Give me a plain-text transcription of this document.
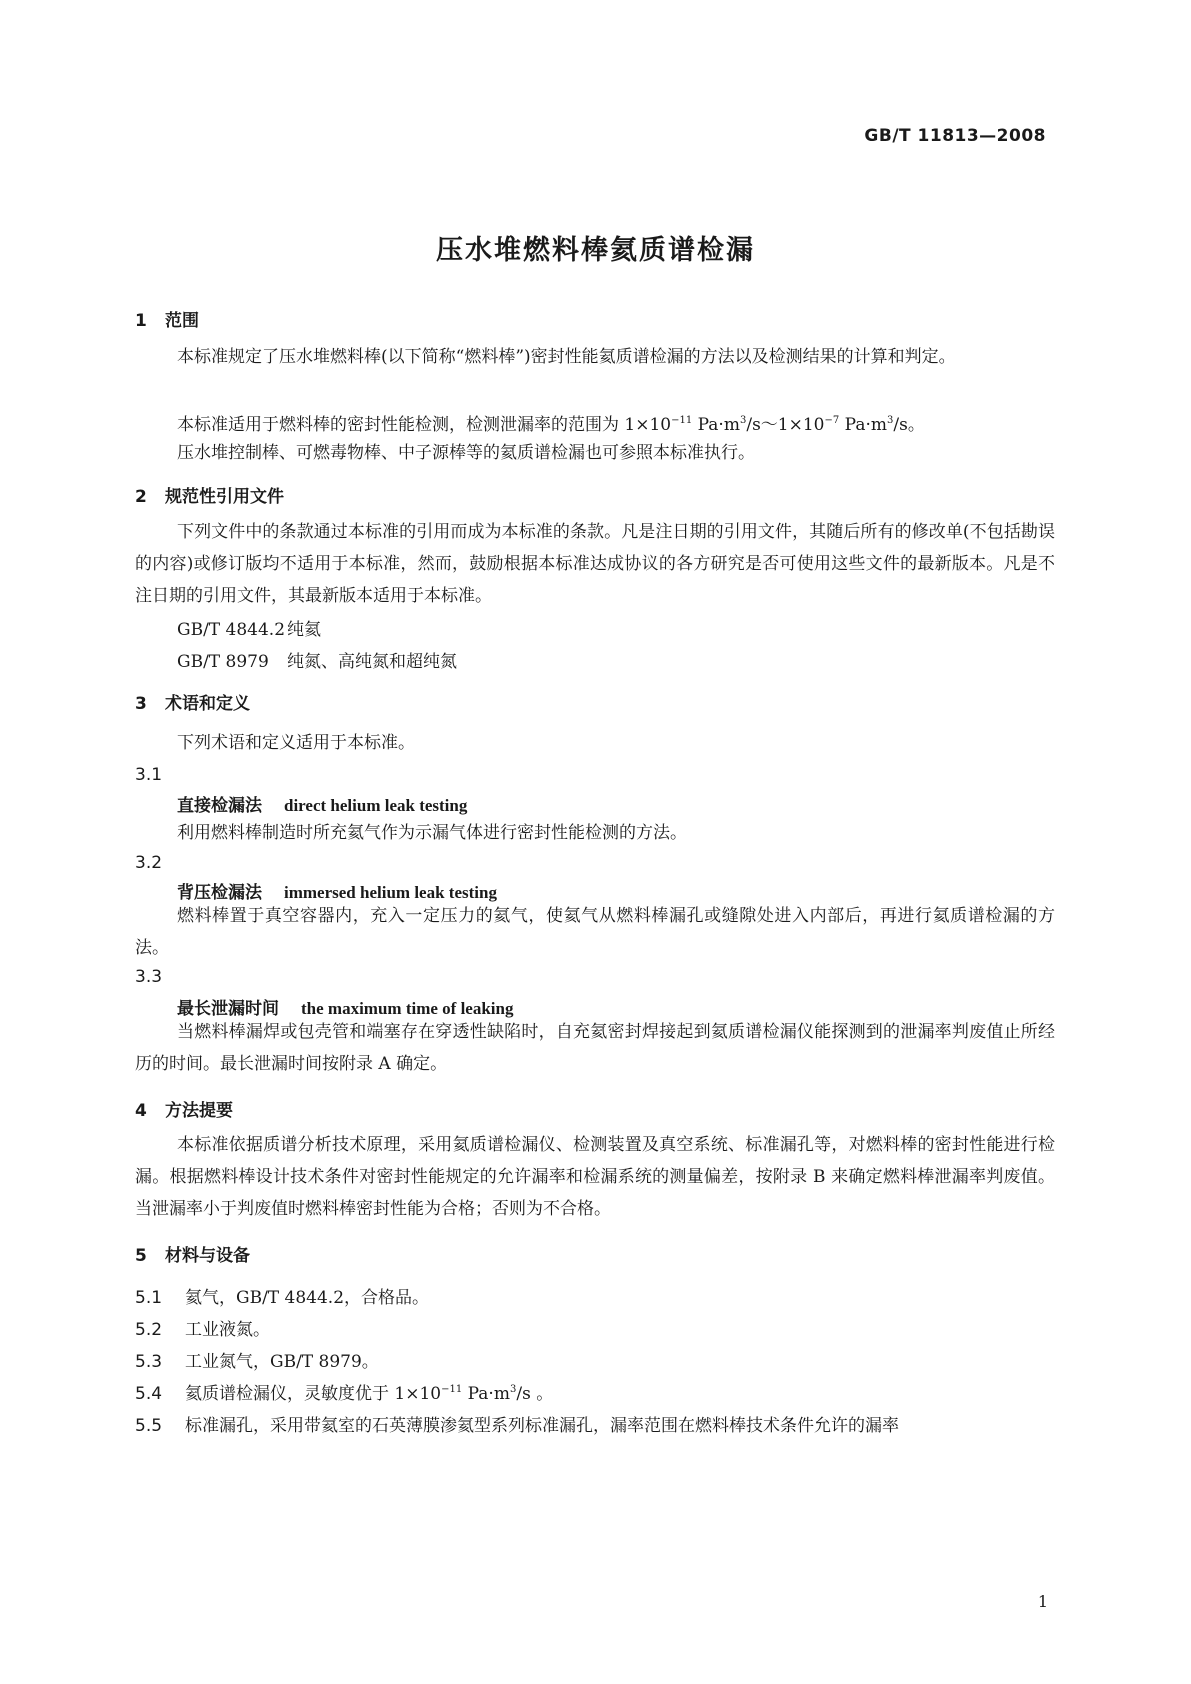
GB/T 11813—2008
压水堆燃料棒氦质谱检漏
1 范围
本标准规定了压水堆燃料棒(以下简称“燃料棒”)密封性能氦质谱检漏的方法以及检测结果的计算和判定。
本标准适用于燃料棒的密封性能检测，检测泄漏率的范围为 $1\times 10^{-11}$ $Pa\cdot m^3/s\sim 1\times 10^{-7}$ $Pa\cdot m^3/s$。
压水堆控制棒、可燃毒物棒、中子源棒等的氦质谱检漏也可参照本标准执行。
2 规范性引用文件
下列文件中的条款通过本标准的引用而成为本标准的条款。凡是注日期的引用文件，其随后所有的修改单(不包括勘误的内容)或修订版均不适用于本标准，然而，鼓励根据本标准达成协议的各方研究是否可使用这些文件的最新版本。凡是不注日期的引用文件，其最新版本适用于本标准。
GB/T 4844.2 纯氦
GB/T 8979 纯氮、高纯氮和超纯氮
3 术语和定义
下列术语和定义适用于本标准。
3.1
直接检漏法 direct helium leak testing
利用燃料棒制造时所充氦气作为示漏气体进行密封性能检测的方法。
3.2
背压检漏法 immersed helium leak testing
燃料棒置于真空容器内，充入一定压力的氦气，使氦气从燃料棒漏孔或缝隙处进入内部后，再进行氦质谱检漏的方法。
3.3
最长泄漏时间 the maximum time of leaking
当燃料棒漏焊或包壳管和端塞存在穿透性缺陷时，自充氦密封焊接起到氦质谱检漏仪能探测到的泄漏率判废值止所经历的时间。最长泄漏时间按附录 A 确定。
4 方法提要
本标准依据质谱分析技术原理，采用氦质谱检漏仪、检测装置及真空系统、标准漏孔等，对燃料棒的密封性能进行检漏。根据燃料棒设计技术条件对密封性能规定的允许漏率和检漏系统的测量偏差，按附录 B 来确定燃料棒泄漏率判废值。当泄漏率小于判废值时燃料棒密封性能为合格；否则为不合格。
5 材料与设备
5.1 氦气，GB/T 4844.2，合格品。
5.2 工业液氮。
5.3 工业氮气，GB/T 8979。
5.4 氦质谱检漏仪，灵敏度优于 $1\times 10^{-11}$ $Pa\cdot m^3/s$ 。
5.5 标准漏孔，采用带氦室的石英薄膜渗氦型系列标准漏孔，漏率范围在燃料棒技术条件允许的漏率
1
